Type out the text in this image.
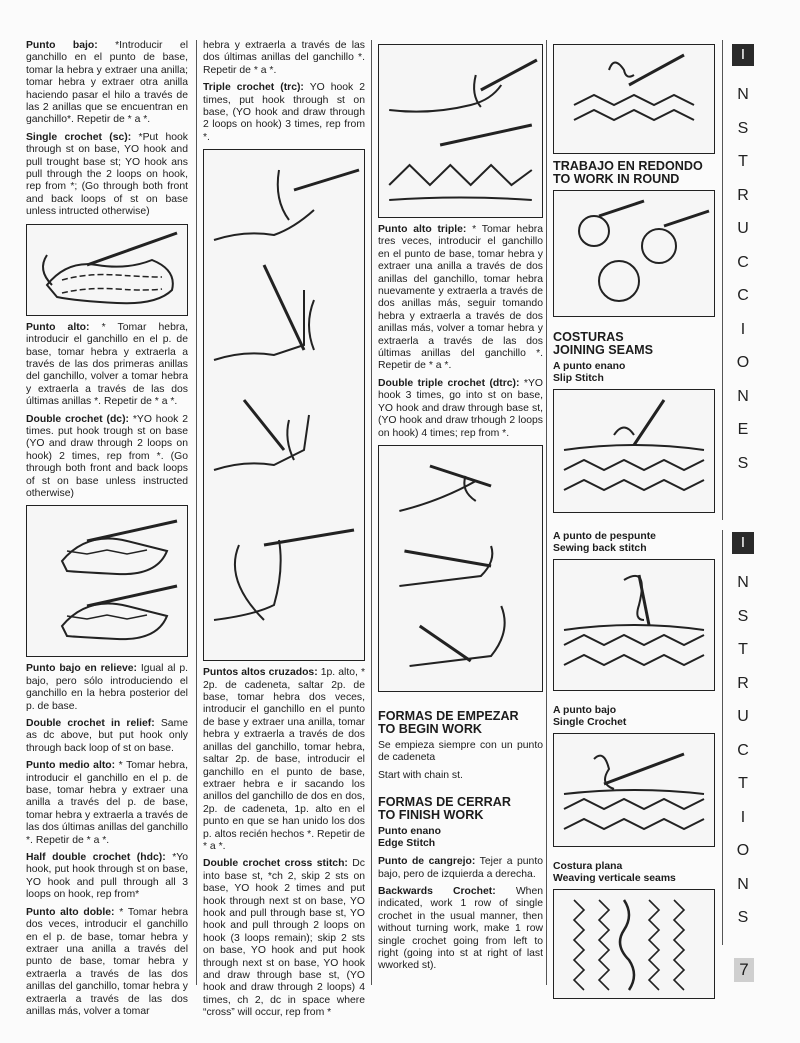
Punto bajo: *Introducir el ganchillo en el punto de base, tomar la hebra y extraer una anilla; tomar hebra y extraer otra anilla haciendo pasar el hilo a través de las 2 anillas que se encuentran en ganchillo*. Repetir de * a *.

Single crochet (sc): *Put hook through st on base, YO hook and pull trought base st; YO hook ans pull through the 2 loops on hook, rep from *; (Go through both front and back loops of st on base unless intructed otherwise)

Punto alto: * Tomar hebra, introducir el ganchillo en el p. de base, tomar hebra y extraerla a través de las dos primeras anillas del ganchillo, volver a tomar hebra y extraerla a través de las dos últimas anillas *. Repetir de * a *.

Double crochet (dc): *YO hook 2 times. put hook trough st on base (YO and draw through 2 loops on hook) 2 times, rep from *. (Go through both front and back loops of st on base unless instructed otherwise)

Punto bajo en relieve: Igual al p. bajo, pero sólo introduciendo el ganchillo en la hebra posterior del p. de base.

Double crochet in relief: Same as dc above, but put hook only through back loop of st on base.

Punto medio alto: * Tomar hebra, introducir el ganchillo en el p. de base, tomar hebra y extraer una anilla a través del p. de base, tomar hebra y extraerla a través de las dos últimas anillas del ganchillo *. Repetir de * a *.

Half double crochet (hdc): *Yo hook, put hook through st on base, YO hook and pull through all 3 loops on hook, rep from*

Punto alto doble: * Tomar hebra dos veces, introducir el ganchillo en el p. de base, tomar hebra y extraer una anilla a través del punto de base, tomar hebra y extraerla a través de las dos anillas del ganchillo, tomar hebra y extraerla a través de las dos anillas más, volver a tomar

hebra y extraerla a través de las dos últimas anillas del ganchillo *. Repetir de * a *.

Triple crochet (trc): YO hook 2 times, put hook through st on base, (YO hook and draw through 2 loops on hook) 3 times, rep from *.

Puntos altos cruzados: 1p. alto, * 2p. de cadeneta, saltar 2p. de base, tomar hebra dos veces, introducir el ganchillo en el punto de base y extraer una anilla, tomar hebra y extraerla a través de dos anillas del ganchillo, tomar hebra, saltar 2p. de base, introducir el ganchillo en el punto de base, extraer hebra e ir sacando los anillos del ganchillo de dos en dos, 2p. de cadeneta, 1p. alto en el punto en que se han unido los dos p. altos recién hechos *. Repetir de * a *.

Double crochet cross stitch: Dc into base st, *ch 2, skip 2 sts on base, YO hook 2 times and put hook through next st on base, YO hook and pull through base st, YO hook and pull through 2 loops on hook (3 loops remain); skip 2 sts on base, YO hook and put hook through next st on base, YO hook and draw through base st, (YO hook and draw through 2 loops) 4 times, ch 2, dc in space where “cross” will occur, rep from *

Punto alto triple: * Tomar hebra tres veces, introducir el ganchillo en el punto de base, tomar hebra y extraer una anilla a través de dos anillas del ganchillo, tomar hebra nuevamente y extraerla a través de dos anillas más, seguir tomando hebra y extraerla a través de dos anillas más, volver a tomar hebra y extraerla a través de las dos últimas anillas del ganchillo *. Repetir de * a *.

Double triple crochet (dtrc): *YO hook 3 times, go into st on base, YO hook and draw through base st, (YO hook and draw trhough 2 loops on hook) 4 times; rep from *.

FORMAS DE EMPEZAR
TO BEGIN WORK

Se empieza siempre con un punto de cadeneta

Start with chain st.

FORMAS DE CERRAR
TO FINISH WORK
Punto enano
Edge Stitch

Punto de cangrejo: Tejer a punto bajo, pero de izquierda a derecha.

Backwards Crochet: When indicated, work 1 row of single crochet in the usual manner, then without turning work, make 1 row single crochet going from left to right (going into st at right of last wworked st).

TRABAJO EN REDONDO
TO WORK IN ROUND
COSTURAS
JOINING SEAMS
A punto enano
Slip Stitch
A punto de pespunte
Sewing back stitch
A punto bajo
Single Crochet
Costura plana
Weaving verticale seams
I
N
S
T
R
U
C
C
I
O
N
E
S
I
N
S
T
R
U
C
T
I
O
N
S
7
